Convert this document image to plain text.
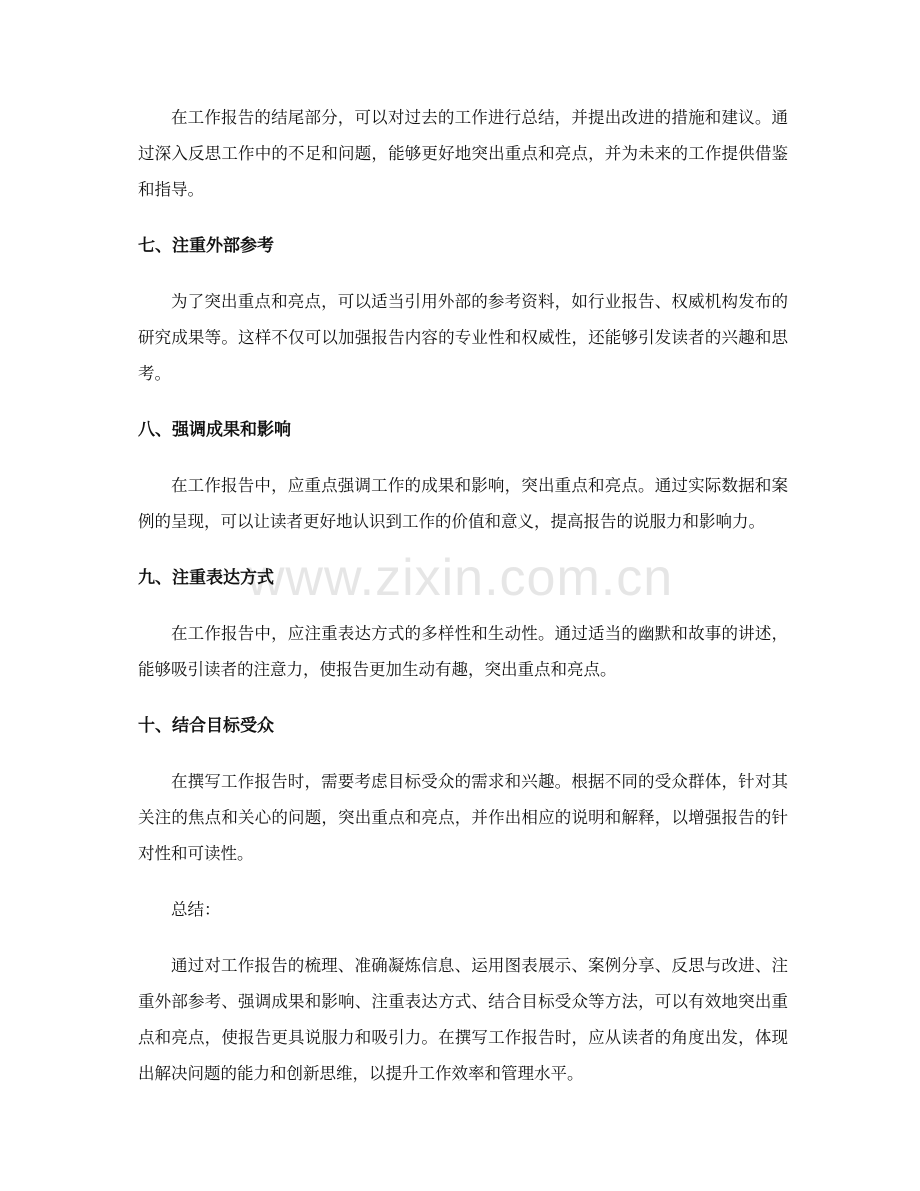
www.zixin.com.cn

在工作报告的结尾部分，可以对过去的工作进行总结，并提出改进的措施和建议。通过深入反思工作中的不足和问题，能够更好地突出重点和亮点，并为未来的工作提供借鉴和指导。

七、注重外部参考

为了突出重点和亮点，可以适当引用外部的参考资料，如行业报告、权威机构发布的研究成果等。这样不仅可以加强报告内容的专业性和权威性，还能够引发读者的兴趣和思考。

八、强调成果和影响

在工作报告中，应重点强调工作的成果和影响，突出重点和亮点。通过实际数据和案例的呈现，可以让读者更好地认识到工作的价值和意义，提高报告的说服力和影响力。

九、注重表达方式

在工作报告中，应注重表达方式的多样性和生动性。通过适当的幽默和故事的讲述，能够吸引读者的注意力，使报告更加生动有趣，突出重点和亮点。

十、结合目标受众

在撰写工作报告时，需要考虑目标受众的需求和兴趣。根据不同的受众群体，针对其关注的焦点和关心的问题，突出重点和亮点，并作出相应的说明和解释，以增强报告的针对性和可读性。

总结：

通过对工作报告的梳理、准确凝炼信息、运用图表展示、案例分享、反思与改进、注重外部参考、强调成果和影响、注重表达方式、结合目标受众等方法，可以有效地突出重点和亮点，使报告更具说服力和吸引力。在撰写工作报告时，应从读者的角度出发，体现出解决问题的能力和创新思维，以提升工作效率和管理水平。
